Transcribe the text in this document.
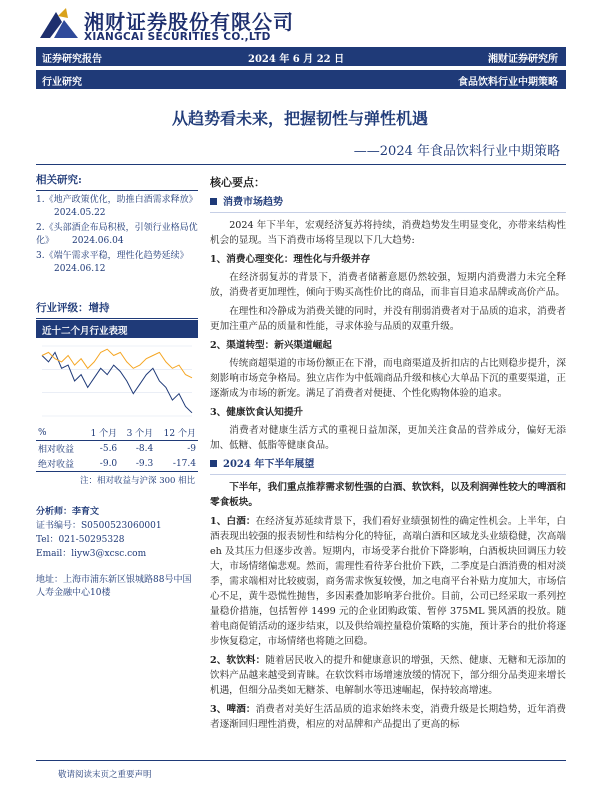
湘财证券股份有限公司
XIANGCAI SECURITIES CO.,LTD
证券研究报告	2024 年 6 月 22 日	湘财证券研究所
行业研究	食品饮料行业中期策略
从趋势看未来，把握韧性与弹性机遇
——2024 年食品饮料行业中期策略

相关研究:

1.《地产政策优化，助推白酒需求释放》2024.05.22
2.《头部酒企布局积极，引领行业格局优化》 2024.06.04
3.《端午需求平稳，理性化趋势延续》2024.06.12

行业评级：增持

近十二个月行业表现
%	1 个月	3 个月	12 个月
相对收益	-5.6	-8.4	-9
绝对收益	-9.0	-9.3	-17.4
注：相对收益与沪深 300 相比
分析师：李育文
证书编号：S0500523060001
Tel：021-50295328
Email：liyw3@xcsc.com
地址：上海市浦东新区银城路88号中国人寿金融中心10楼
核心要点：
消费市场趋势

2024 年下半年，宏观经济复苏将持续，消费趋势发生明显变化，亦带来结构性机会的显现。当下消费市场将呈现以下几大趋势:

1、消费心理变化：理性化与升级并存

在经济弱复苏的背景下，消费者储蓄意愿仍然较强，短期内消费潜力未完全释放，消费者更加理性，倾向于购买高性价比的商品，而非盲目追求品牌或高价产品。

在理性和冷静成为消费关键的同时，并没有削弱消费者对于品质的追求，消费者更加注重产品的质量和性能，寻求体验与品质的双重升级。

2、渠道转型：新兴渠道崛起

传统商超渠道的市场份额正在下滑，而电商渠道及折扣店的占比则稳步提升，深刻影响市场竞争格局。独立店作为中低端商品升级和核心大单品下沉的重要渠道，正逐渐成为市场的新宠。满足了消费者对便捷、个性化购物体验的追求。

3、健康饮食认知提升

消费者对健康生活方式的重视日益加深，更加关注食品的营养成分，偏好无添加、低糖、低脂等健康食品。

2024 年下半年展望

下半年，我们重点推荐需求韧性强的白酒、软饮料，以及利润弹性较大的啤酒和零食板块。

1、白酒：在经济复苏延续背景下，我们看好业绩强韧性的确定性机会。上半年，白酒表现出较强的报表韧性和结构分化的特征，高端白酒和区域龙头业绩稳健，次高端 eh 及其压力但逐步改善。短期内，市场受茅台批价下降影响，白酒板块回调压力较大，市场情绪偏悲观。然而，需理性看待茅台批价下跌，二季度是白酒消费的相对淡季，需求端相对比较疲弱，商务需求恢复较慢，加之电商平台补贴力度加大，市场信心不足，黄牛恐慌性抛售，多因素叠加影响茅台批价。目前，公司已经采取一系列控量稳价措施，包括暂停 1499 元的企业团购政策、暂停 375ML 巽风酒的投放。随着电商促销活动的逐步结束，以及供给端控量稳价策略的实施，预计茅台的批价将逐步恢复稳定，市场情绪也将随之回稳。

2、软饮料：随着居民收入的提升和健康意识的增强，天然、健康、无糖和无添加的饮料产品越来越受到青睐。在软饮料市场增速放缓的情况下，部分细分品类迎来增长机遇，但细分品类如无糖茶、电解制水等迅速崛起，保持较高增速。

3、啤酒：消费者对美好生活品质的追求始终未变，消费升级是长期趋势，近年消费者逐渐回归理性消费，相应的对品牌和产品提出了更高的标

敬请阅读末页之重要声明
